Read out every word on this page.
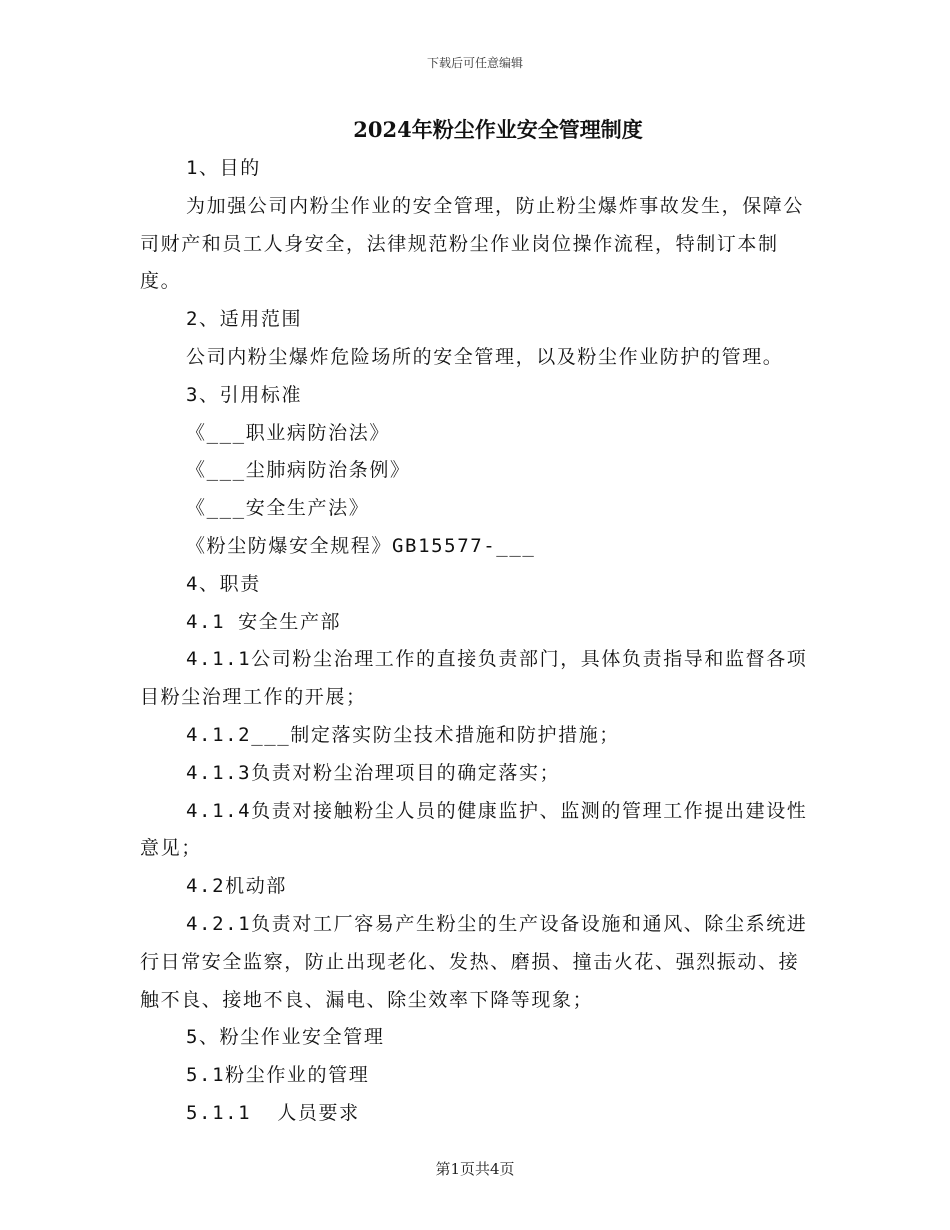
下载后可任意编辑
2024年粉尘作业安全管理制度

1、目的

为加强公司内粉尘作业的安全管理，防止粉尘爆炸事故发生，保障公司财产和员工人身安全，法律规范粉尘作业岗位操作流程，特制订本制度。

2、适用范围

公司内粉尘爆炸危险场所的安全管理，以及粉尘作业防护的管理。

3、引用标准

《___职业病防治法》

《___尘肺病防治条例》

《___安全生产法》

《粉尘防爆安全规程》GB15577-___

4、职责

4.1 安全生产部

4.1.1公司粉尘治理工作的直接负责部门，具体负责指导和监督各项目粉尘治理工作的开展；

4.1.2___制定落实防尘技术措施和防护措施；

4.1.3负责对粉尘治理项目的确定落实；

4.1.4负责对接触粉尘人员的健康监护、监测的管理工作提出建设性意见；

4.2机动部

4.2.1负责对工厂容易产生粉尘的生产设备设施和通风、除尘系统进行日常安全监察，防止出现老化、发热、磨损、撞击火花、强烈振动、接触不良、接地不良、漏电、除尘效率下降等现象；

5、粉尘作业安全管理

5.1粉尘作业的管理

5.1.1  人员要求

第1页共4页
